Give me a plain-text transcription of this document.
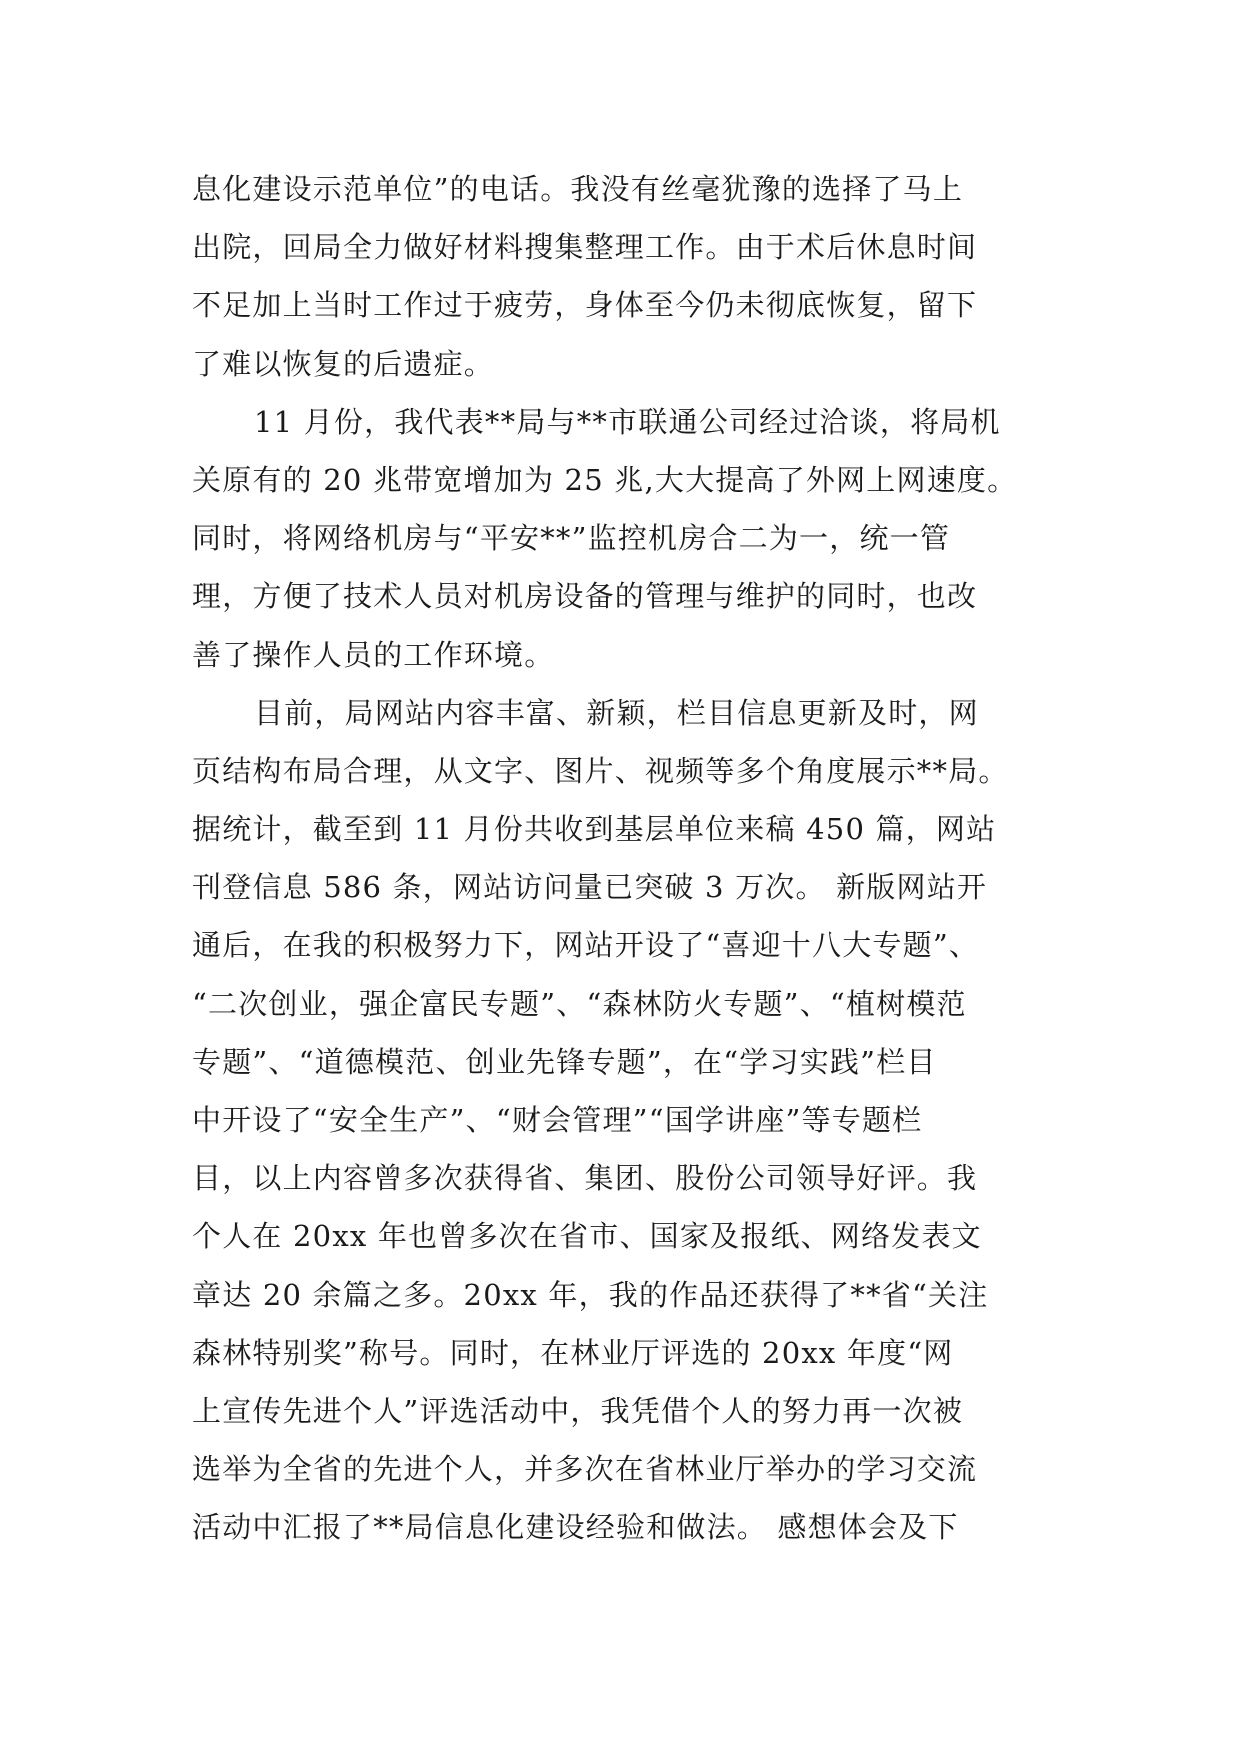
息化建设示范单位”的电话。我没有丝毫犹豫的选择了马上
出院，回局全力做好材料搜集整理工作。由于术后休息时间
不足加上当时工作过于疲劳，身体至今仍未彻底恢复，留下
了难以恢复的后遗症。
11 月份，我代表**局与**市联通公司经过洽谈，将局机
关原有的 20 兆带宽增加为 25 兆,大大提高了外网上网速度。
同时，将网络机房与“平安**”监控机房合二为一，统一管
理，方便了技术人员对机房设备的管理与维护的同时，也改
善了操作人员的工作环境。
目前，局网站内容丰富、新颖，栏目信息更新及时，网
页结构布局合理，从文字、图片、视频等多个角度展示**局。
据统计，截至到 11 月份共收到基层单位来稿 450 篇，网站
刊登信息 586 条，网站访问量已突破 3 万次。 新版网站开
通后，在我的积极努力下，网站开设了“喜迎十八大专题”、
“二次创业，强企富民专题”、“森林防火专题”、“植树模范
专题”、“道德模范、创业先锋专题”，在“学习实践”栏目
中开设了“安全生产”、“财会管理”“国学讲座”等专题栏
目，以上内容曾多次获得省、集团、股份公司领导好评。我
个人在 20xx 年也曾多次在省市、国家及报纸、网络发表文
章达 20 余篇之多。20xx 年，我的作品还获得了**省“关注
森林特别奖”称号。同时，在林业厅评选的 20xx 年度“网
上宣传先进个人”评选活动中，我凭借个人的努力再一次被
选举为全省的先进个人，并多次在省林业厅举办的学习交流
活动中汇报了**局信息化建设经验和做法。 感想体会及下
